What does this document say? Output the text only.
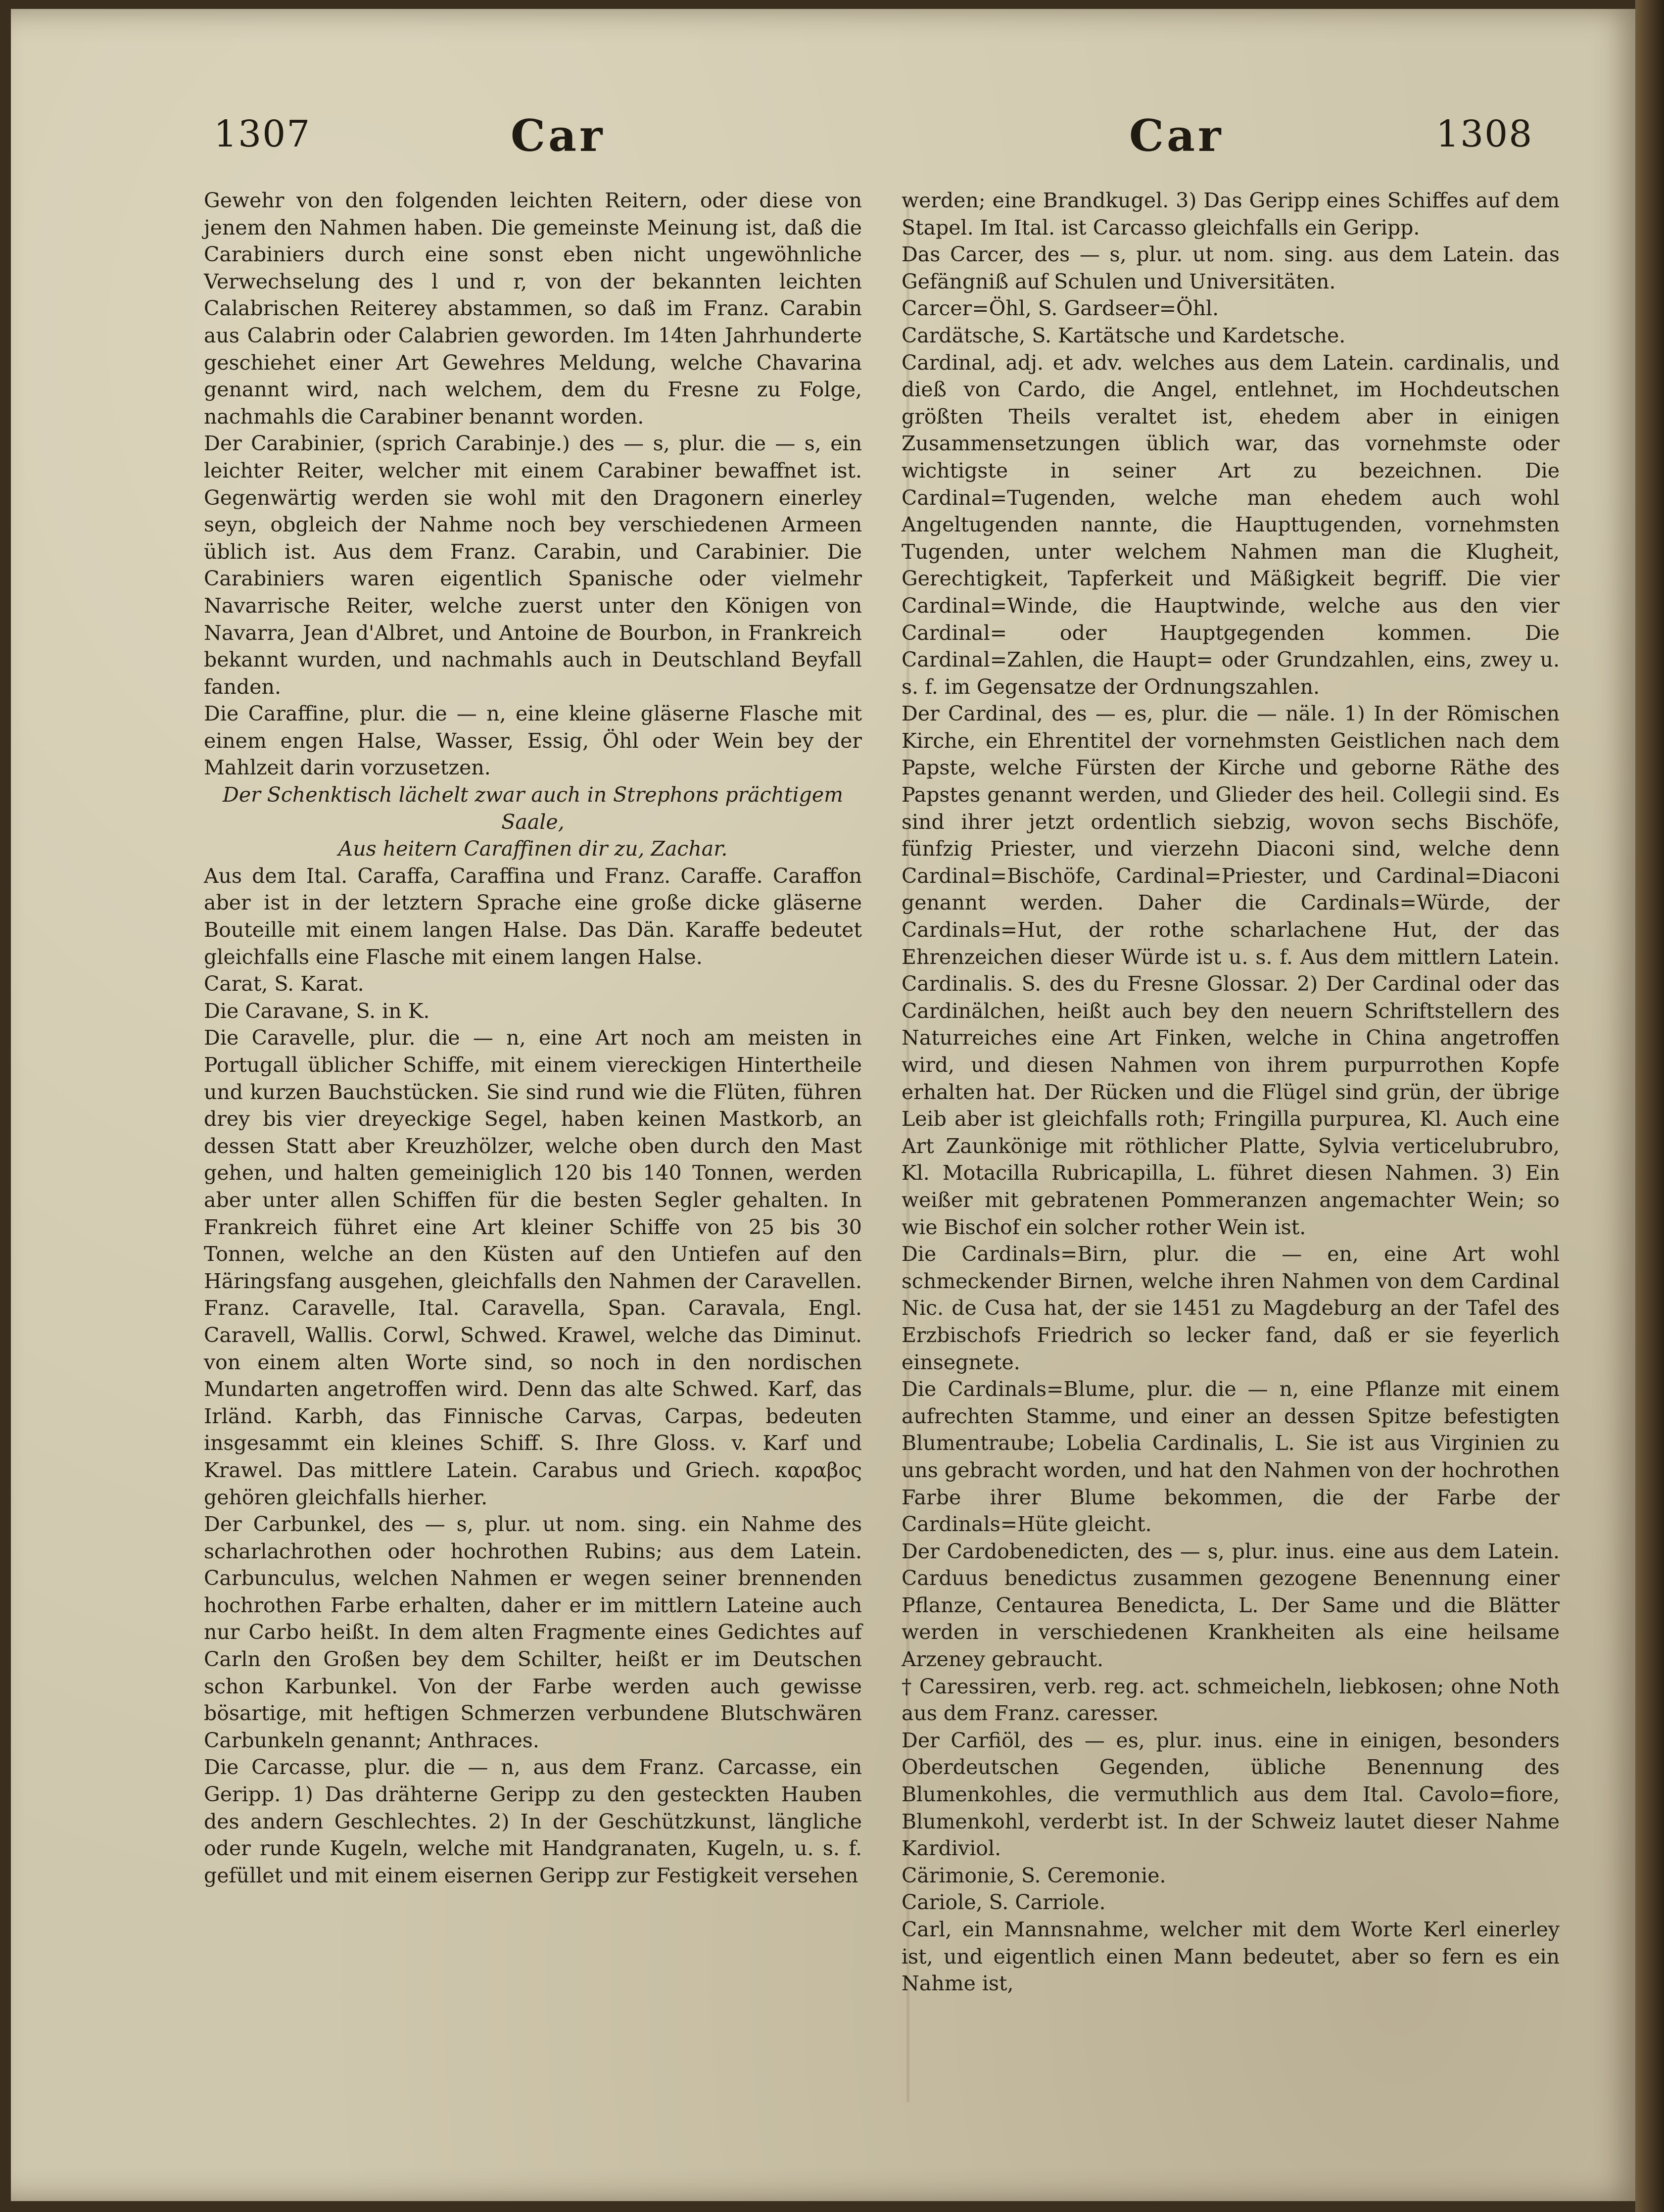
1307	Car	Car	1308

Gewehr von den folgenden leichten Reitern, oder diese von jenem den Nahmen haben. Die gemeinste Meinung ist, daß die Carabiniers durch eine sonst eben nicht ungewöhnliche Verwechselung des l und r, von der bekannten leichten Calabrischen Reiterey abstammen, so daß im Franz. Carabin aus Calabrin oder Calabrien geworden. Im 14ten Jahrhunderte geschiehet einer Art Gewehres Meldung, welche Chavarina genannt wird, nach welchem, dem du Fresne zu Folge, nachmahls die Carabiner benannt worden.

Der Carabinier, (sprich Carabinje.) des — s, plur. die — s, ein leichter Reiter, welcher mit einem Carabiner bewaffnet ist. Gegenwärtig werden sie wohl mit den Dragonern einerley seyn, obgleich der Nahme noch bey verschiedenen Armeen üblich ist. Aus dem Franz. Carabin, und Carabinier. Die Carabiniers waren eigentlich Spanische oder vielmehr Navarrische Reiter, welche zuerst unter den Königen von Navarra, Jean d'Albret, und Antoine de Bourbon, in Frankreich bekannt wurden, und nachmahls auch in Deutschland Beyfall fanden.

Die Caraffine, plur. die — n, eine kleine gläserne Flasche mit einem engen Halse, Wasser, Essig, Öhl oder Wein bey der Mahlzeit darin vorzusetzen.

Der Schenktisch lächelt zwar auch in Strephons prächtigem Saale,

Aus heitern Caraffinen dir zu, Zachar.

Aus dem Ital. Caraffa, Caraffina und Franz. Caraffe. Caraffon aber ist in der letztern Sprache eine große dicke gläserne Bouteille mit einem langen Halse. Das Dän. Karaffe bedeutet gleichfalls eine Flasche mit einem langen Halse.

Carat, S. Karat.

Die Caravane, S. in K.

Die Caravelle, plur. die — n, eine Art noch am meisten in Portugall üblicher Schiffe, mit einem viereckigen Hintertheile und kurzen Bauchstücken. Sie sind rund wie die Flüten, führen drey bis vier dreyeckige Segel, haben keinen Mastkorb, an dessen Statt aber Kreuzhölzer, welche oben durch den Mast gehen, und halten gemeiniglich 120 bis 140 Tonnen, werden aber unter allen Schiffen für die besten Segler gehalten. In Frankreich führet eine Art kleiner Schiffe von 25 bis 30 Tonnen, welche an den Küsten auf den Untiefen auf den Häringsfang ausgehen, gleichfalls den Nahmen der Caravellen. Franz. Caravelle, Ital. Caravella, Span. Caravala, Engl. Caravell, Wallis. Corwl, Schwed. Krawel, welche das Diminut. von einem alten Worte sind, so noch in den nordischen Mundarten angetroffen wird. Denn das alte Schwed. Karf, das Irländ. Karbh, das Finnische Carvas, Carpas, bedeuten insgesammt ein kleines Schiff. S. Ihre Gloss. v. Karf und Krawel. Das mittlere Latein. Carabus und Griech. καραβος gehören gleichfalls hierher.

Der Carbunkel, des — s, plur. ut nom. sing. ein Nahme des scharlachrothen oder hochrothen Rubins; aus dem Latein. Carbunculus, welchen Nahmen er wegen seiner brennenden hochrothen Farbe erhalten, daher er im mittlern Lateine auch nur Carbo heißt. In dem alten Fragmente eines Gedichtes auf Carln den Großen bey dem Schilter, heißt er im Deutschen schon Karbunkel. Von der Farbe werden auch gewisse bösartige, mit heftigen Schmerzen verbundene Blutschwären Carbunkeln genannt; Anthraces.

Die Carcasse, plur. die — n, aus dem Franz. Carcasse, ein Geripp. 1) Das drähterne Geripp zu den gesteckten Hauben des andern Geschlechtes. 2) In der Geschützkunst, längliche oder runde Kugeln, welche mit Handgranaten, Kugeln, u. s. f. gefüllet und mit einem eisernen Geripp zur Festigkeit versehen

werden; eine Brandkugel. 3) Das Geripp eines Schiffes auf dem Stapel. Im Ital. ist Carcasso gleichfalls ein Geripp.

Das Carcer, des — s, plur. ut nom. sing. aus dem Latein. das Gefängniß auf Schulen und Universitäten.

Carcer=Öhl, S. Gardseer=Öhl.

Cardätsche, S. Kartätsche und Kardetsche.

Cardinal, adj. et adv. welches aus dem Latein. cardinalis, und dieß von Cardo, die Angel, entlehnet, im Hochdeutschen größten Theils veraltet ist, ehedem aber in einigen Zusammensetzungen üblich war, das vornehmste oder wichtigste in seiner Art zu bezeichnen. Die Cardinal=Tugenden, welche man ehedem auch wohl Angeltugenden nannte, die Haupttugenden, vornehmsten Tugenden, unter welchem Nahmen man die Klugheit, Gerechtigkeit, Tapferkeit und Mäßigkeit begriff. Die vier Cardinal=Winde, die Hauptwinde, welche aus den vier Cardinal= oder Hauptgegenden kommen. Die Cardinal=Zahlen, die Haupt= oder Grundzahlen, eins, zwey u. s. f. im Gegensatze der Ordnungszahlen.

Der Cardinal, des — es, plur. die — näle. 1) In der Römischen Kirche, ein Ehrentitel der vornehmsten Geistlichen nach dem Papste, welche Fürsten der Kirche und geborne Räthe des Papstes genannt werden, und Glieder des heil. Collegii sind. Es sind ihrer jetzt ordentlich siebzig, wovon sechs Bischöfe, fünfzig Priester, und vierzehn Diaconi sind, welche denn Cardinal=Bischöfe, Cardinal=Priester, und Cardinal=Diaconi genannt werden. Daher die Cardinals=Würde, der Cardinals=Hut, der rothe scharlachene Hut, der das Ehrenzeichen dieser Würde ist u. s. f. Aus dem mittlern Latein. Cardinalis. S. des du Fresne Glossar. 2) Der Cardinal oder das Cardinälchen, heißt auch bey den neuern Schriftstellern des Naturreiches eine Art Finken, welche in China angetroffen wird, und diesen Nahmen von ihrem purpurrothen Kopfe erhalten hat. Der Rücken und die Flügel sind grün, der übrige Leib aber ist gleichfalls roth; Fringilla purpurea, Kl. Auch eine Art Zaunkönige mit röthlicher Platte, Sylvia verticelubrubro, Kl. Motacilla Rubricapilla, L. führet diesen Nahmen. 3) Ein weißer mit gebratenen Pommeranzen angemachter Wein; so wie Bischof ein solcher rother Wein ist.

Die Cardinals=Birn, plur. die — en, eine Art wohl schmeckender Birnen, welche ihren Nahmen von dem Cardinal Nic. de Cusa hat, der sie 1451 zu Magdeburg an der Tafel des Erzbischofs Friedrich so lecker fand, daß er sie feyerlich einsegnete.

Die Cardinals=Blume, plur. die — n, eine Pflanze mit einem aufrechten Stamme, und einer an dessen Spitze befestigten Blumentraube; Lobelia Cardinalis, L. Sie ist aus Virginien zu uns gebracht worden, und hat den Nahmen von der hochrothen Farbe ihrer Blume bekommen, die der Farbe der Cardinals=Hüte gleicht.

Der Cardobenedicten, des — s, plur. inus. eine aus dem Latein. Carduus benedictus zusammen gezogene Benennung einer Pflanze, Centaurea Benedicta, L. Der Same und die Blätter werden in verschiedenen Krankheiten als eine heilsame Arzeney gebraucht.

† Caressiren, verb. reg. act. schmeicheln, liebkosen; ohne Noth aus dem Franz. caresser.

Der Carfiöl, des — es, plur. inus. eine in einigen, besonders Oberdeutschen Gegenden, übliche Benennung des Blumenkohles, die vermuthlich aus dem Ital. Cavolo=fiore, Blumenkohl, verderbt ist. In der Schweiz lautet dieser Nahme Kardiviol.

Cärimonie, S. Ceremonie.

Cariole, S. Carriole.

Carl, ein Mannsnahme, welcher mit dem Worte Kerl einerley ist, und eigentlich einen Mann bedeutet, aber so fern es ein Nahme ist,
